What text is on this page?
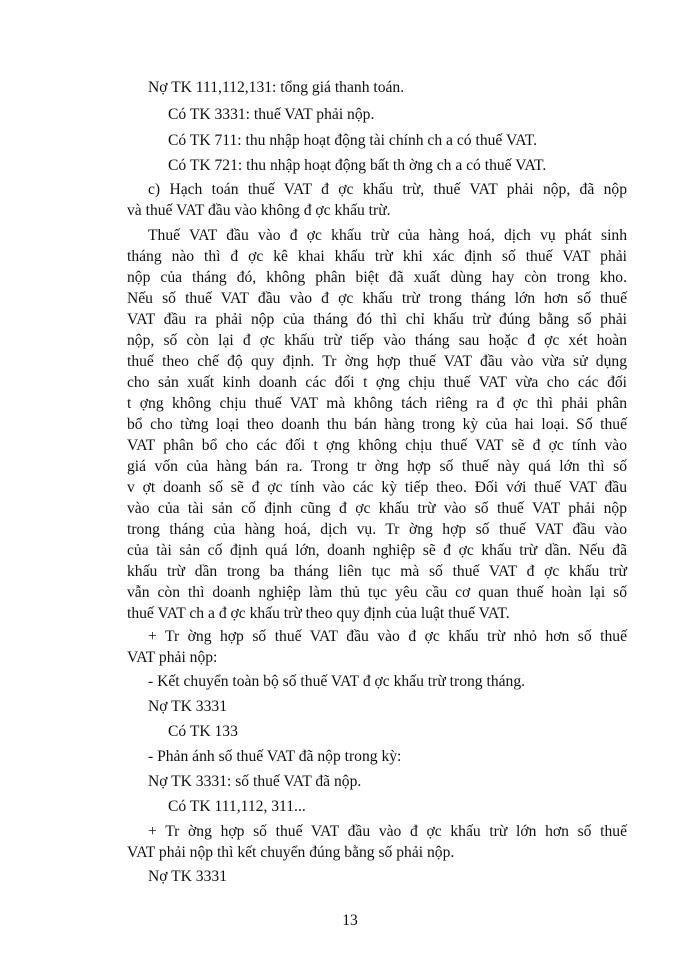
Nợ TK 111,112,131: tổng giá thanh toán.
Có TK 3331: thuế VAT phải nộp.
Có TK 711: thu nhập hoạt động tài chính ch a có thuế VAT.
Có TK 721: thu nhập hoạt động bất th ờng ch a có thuế VAT.
c) Hạch toán thuế VAT đ ợc khấu trừ, thuế VAT phải nộp, đã nộp
và thuế VAT đầu vào không đ ợc khấu trừ.
Thuế VAT đầu vào đ ợc khấu trừ của hàng hoá, dịch vụ phát sinh
tháng nào thì đ ợc kê khai khấu trừ khi xác định số thuế VAT phải
nộp của tháng đó, không phân biệt đã xuất dùng hay còn trong kho.
Nếu số thuế VAT đầu vào đ ợc khấu trừ trong tháng lớn hơn số thuế
VAT đầu ra phải nộp của tháng đó thì chỉ khấu trừ đúng bằng số phải
nộp, số còn lại đ ợc khấu trừ tiếp vào tháng sau hoặc đ ợc xét hoàn
thuế theo chế độ quy định. Tr ờng hợp thuế VAT đầu vào vừa sử dụng
cho sản xuất kinh doanh các đối t ợng chịu thuế VAT vừa cho các đối
t ợng không chịu thuế VAT mà không tách riêng ra đ ợc thì phải phân
bổ cho từng loại theo doanh thu bán hàng trong kỳ của hai loại. Số thuế
VAT phân bổ cho các đối t ợng không chịu thuế VAT sẽ đ ợc tính vào
giá vốn của hàng bán ra. Trong tr ờng hợp số thuế này quá lớn thì số
v ợt doanh số sẽ đ ợc tính vào các kỳ tiếp theo. Đối với thuế VAT đầu
vào của tài sản cố định cũng đ ợc khấu trừ vào số thuế VAT phải nộp
trong tháng của hàng hoá, dịch vụ. Tr ờng hợp số thuế VAT đầu vào
của tài sản cố định quá lớn, doanh nghiệp sẽ đ ợc khấu trừ dần. Nếu đã
khấu trừ dần trong ba tháng liên tục mà số thuế VAT đ ợc khấu trừ
vẫn còn thì doanh nghiệp làm thủ tục yêu cầu cơ quan thuế hoàn lại số
thuế VAT ch a đ ợc khấu trừ theo quy định của luật thuế VAT.
+ Tr ờng hợp số thuế VAT đầu vào đ ợc khấu trừ nhỏ hơn số thuế
VAT phải nộp:
- Kết chuyển toàn bộ số thuế VAT đ ợc khấu trừ trong tháng.
Nợ TK 3331
Có TK 133
- Phản ánh số thuế VAT đã nộp trong kỳ:
Nợ TK 3331: số thuế VAT đã nộp.
Có TK 111,112, 311...
+ Tr ờng hợp số thuế VAT đầu vào đ ợc khấu trừ lớn hơn số thuế
VAT phải nộp thì kết chuyển đúng bằng số phải nộp.
Nợ TK 3331
13
